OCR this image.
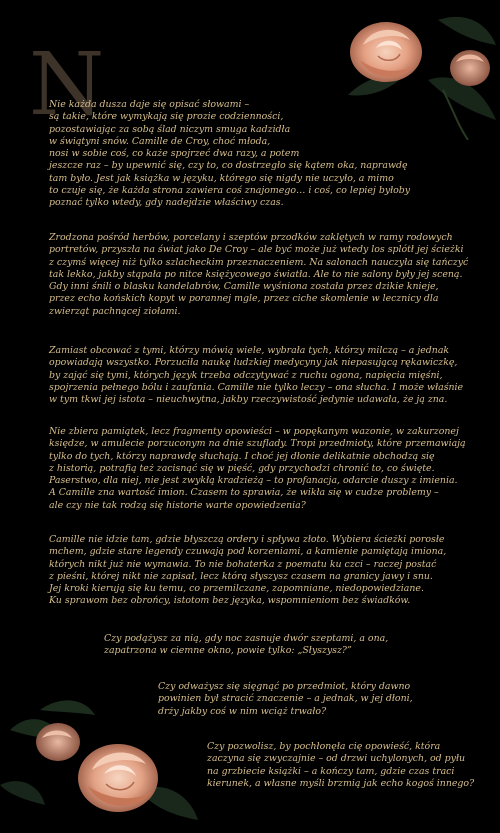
N

Nie każda dusza daje się opisać słowami –
są takie, które wymykają się prozie codzienności,
pozostawiając za sobą ślad niczym smuga kadzidła
w świątyni snów. Camille de Croy, choć młoda,
nosi w sobie coś, co każe spojrzeć dwa razy, a potem
jeszcze raz – by upewnić się, czy to, co dostrzegło się kątem oka, naprawdę
tam było. Jest jak książka w języku, którego się nigdy nie uczyło, a mimo
to czuje się, że każda strona zawiera coś znajomego… i coś, co lepiej byłoby
poznać tylko wtedy, gdy nadejdzie właściwy czas.

Zrodzona pośród herbów, porcelany i szeptów przodków zaklętych w ramy rodowych
portretów, przyszła na świat jako De Croy – ale być może już wtedy los splótł jej ścieżki
z czymś więcej niż tylko szlacheckim przeznaczeniem. Na salonach nauczyła się tańczyć
tak lekko, jakby stąpała po nitce księżycowego światła. Ale to nie salony były jej sceną.
Gdy inni śnili o blasku kandelabrów, Camille wyśniona została przez dzikie knieje,
przez echo końskich kopyt w porannej mgle, przez ciche skomlenie w lecznicy dla
zwierząt pachnącej ziołami.

Zamiast obcować z tymi, którzy mówią wiele, wybrała tych, którzy milczą – a jednak
opowiadają wszystko. Porzuciła naukę ludzkiej medycyny jak niepasującą rękawiczkę,
by zająć się tymi, których język trzeba odczytywać z ruchu ogona, napięcia mięśni,
spojrzenia pełnego bólu i zaufania. Camille nie tylko leczy – ona słucha. I może właśnie
w tym tkwi jej istota – nieuchwytna, jakby rzeczywistość jedynie udawała, że ją zna.

Nie zbiera pamiątek, lecz fragmenty opowieści – w popękanym wazonie, w zakurzonej
księdze, w amulecie porzuconym na dnie szuflady. Tropi przedmioty, które przemawiają
tylko do tych, którzy naprawdę słuchają. I choć jej dłonie delikatnie obchodzą się
z historią, potrafią też zacisnąć się w pięść, gdy przychodzi chronić to, co święte.
Paserstwo, dla niej, nie jest zwykłą kradzieżą – to profanacja, odarcie duszy z imienia.
A Camille zna wartość imion. Czasem to sprawia, że wikła się w cudze problemy –
ale czy nie tak rodzą się historie warte opowiedzenia?

Camille nie idzie tam, gdzie błyszczą ordery i spływa złoto. Wybiera ścieżki porosłe
mchem, gdzie stare legendy czuwają pod korzeniami, a kamienie pamiętają imiona,
których nikt już nie wymawia. To nie bohaterka z poematu ku czci – raczej postać
z pieśni, której nikt nie zapisał, lecz którą słyszysz czasem na granicy jawy i snu.
Jej kroki kierują się ku temu, co przemilczane, zapomniane, niedopowiedziane.
Ku sprawom bez obrońcy, istotom bez języka, wspomnieniom bez świadków.

Czy podążysz za nią, gdy noc zasnuje dwór szeptami, a ona,
zapatrzona w ciemne okno, powie tylko: „Słyszysz?”

Czy odważysz się sięgnąć po przedmiot, który dawno
powinien był stracić znaczenie – a jednak, w jej dłoni,
drży jakby coś w nim wciąż trwało?

Czy pozwolisz, by pochłonęła cię opowieść, która
zaczyna się zwyczajnie – od drzwi uchylonych, od pyłu
na grzbiecie książki – a kończy tam, gdzie czas traci
kierunek, a własne myśli brzmią jak echo kogoś innego?
